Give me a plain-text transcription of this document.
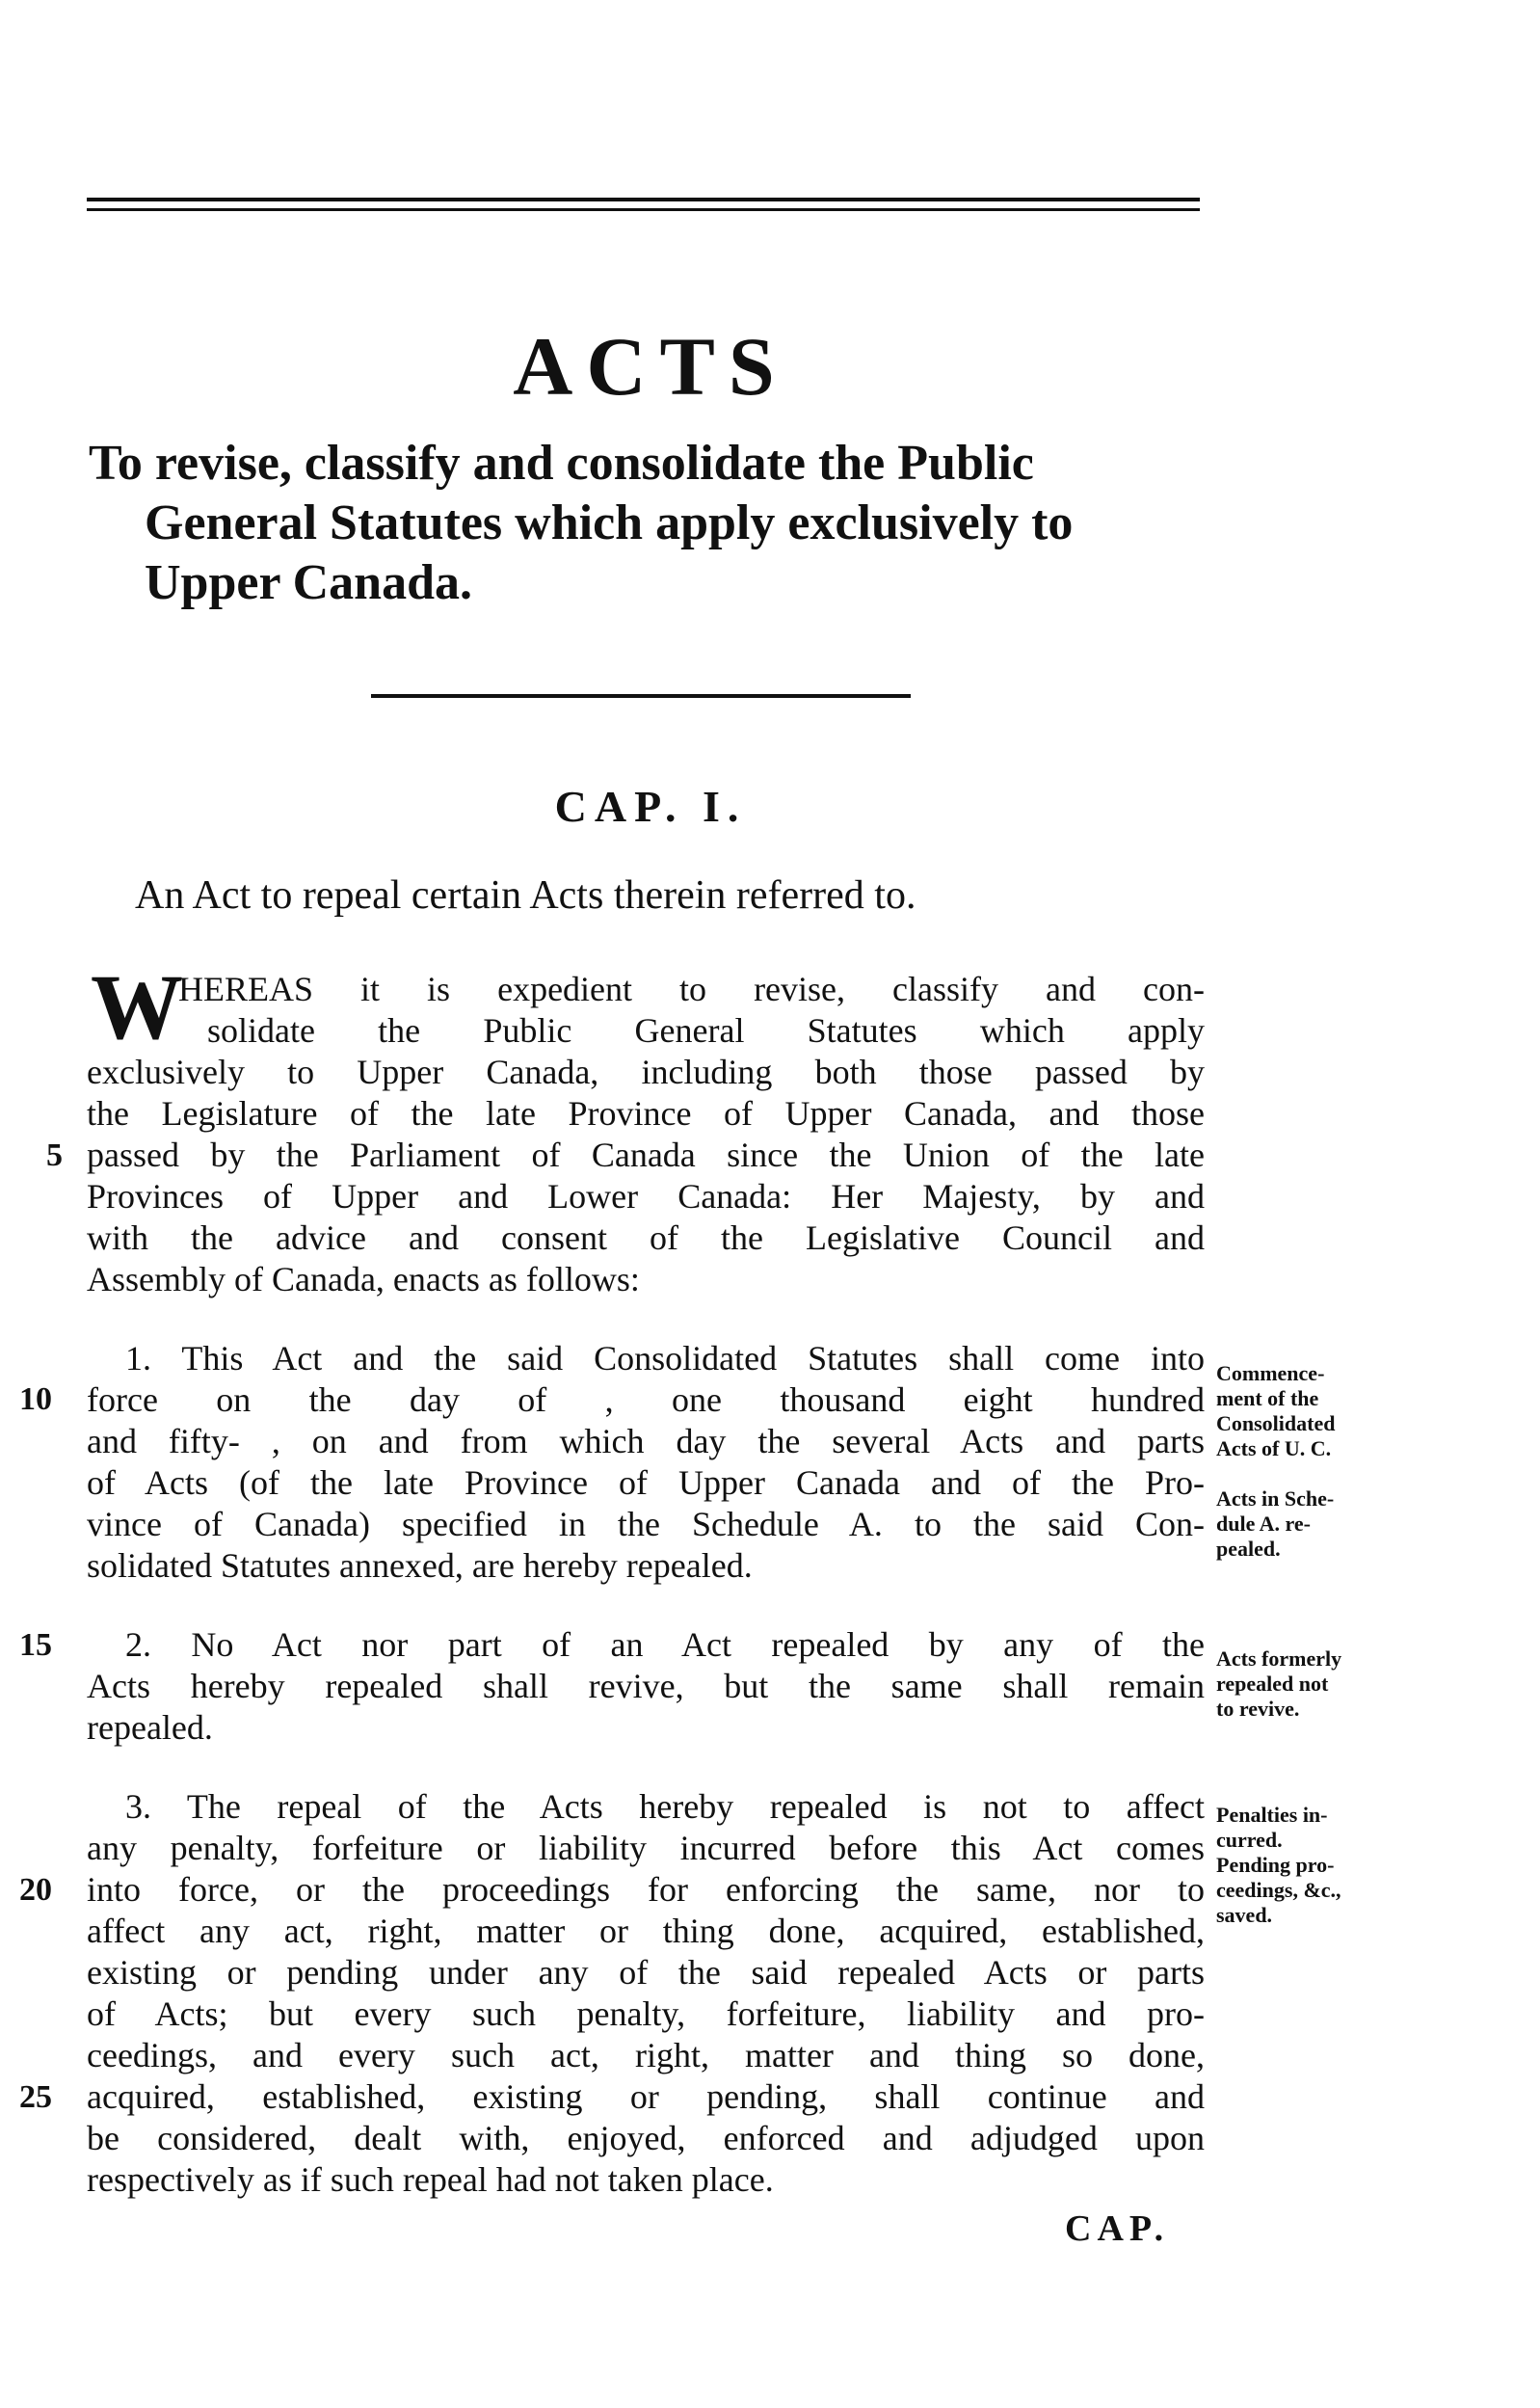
ACTS
To revise, classify and consolidate the Public
General Statutes which apply exclusively to
Upper Canada.
CAP. I.
An Act to repeal certain Acts therein referred to.
W
HEREAS it is expedient to revise, classify and con-
solidate the Public General Statutes which apply
exclusively to Upper Canada, including both those passed by
the Legislature of the late Province of Upper Canada, and those
passed by the Parliament of Canada since the Union of the late
Provinces of Upper and Lower Canada: Her Majesty, by and
with the advice and consent of the Legislative Council and
Assembly of Canada, enacts as follows:
1. This Act and the said Consolidated Statutes shall come into
force on the day of , one thousand eight hundred
and fifty- , on and from which day the several Acts and parts
of Acts (of the late Province of Upper Canada and of the Pro-
vince of Canada) specified in the Schedule A. to the said Con-
solidated Statutes annexed, are hereby repealed.
Commence-
ment of the
Consolidated
Acts of U. C.

Acts in Sche-
dule A. re-
pealed.
2. No Act nor part of an Act repealed by any of the
Acts hereby repealed shall revive, but the same shall remain
repealed.
Acts formerly
repealed not
to revive.
3. The repeal of the Acts hereby repealed is not to affect
any penalty, forfeiture or liability incurred before this Act comes
into force, or the proceedings for enforcing the same, nor to
affect any act, right, matter or thing done, acquired, established,
existing or pending under any of the said repealed Acts or parts
of Acts; but every such penalty, forfeiture, liability and pro-
ceedings, and every such act, right, matter and thing so done,
acquired, established, existing or pending, shall continue and
be considered, dealt with, enjoyed, enforced and adjudged upon
respectively as if such repeal had not taken place.
Penalties in-
curred.
Pending pro-
ceedings, &c.,
saved.
5
10
15
20
25
CAP.
